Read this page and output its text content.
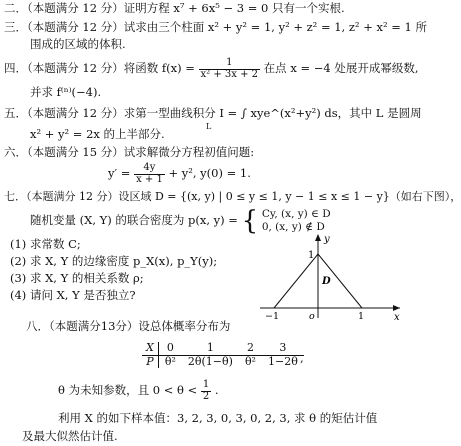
二．（本题满分 12 分）证明方程 x⁷ + 6x⁵ − 3 = 0 只有一个实根.
三．（本题满分 12 分）试求由三个柱面 x² + y² = 1, y² + z² = 1, z² + x² = 1 所
围成的区域的体积.
四．（本题满分 12 分）将函数 $f(x) = \frac{1}{\text{x² + 3x + 2}}$ 在点 x = −4 处展开成幂级数,
并求 f⁽ⁿ⁾(−4).
五．（本题满分 12 分）求第一型曲线积分 I = ∫ xye^(x²+y²) ds，其中 L 是圆周
L
x² + y² = 2x 的上半部分.
六．（本题满分 15 分）试求解微分方程初值问题:
$y' = \frac{4y}{x + 1} + y^2$, y(0) = 1.
七．（本题满分 12 分）设区域 D = {(x, y) | 0 ≤ y ≤ 1, y − 1 ≤ x ≤ 1 − y}（如右下图），
随机变量 (X, Y) 的联合密度为 p(x, y) = { Cy, (x, y) ∈ D
0, (x, y) ∉ D
(1) 求常数 C;
(2) 求 X, Y 的边缘密度 p_X(x), p_Y(y);
(3) 求 X, Y 的相关系数 ρ;
(4) 请问 X, Y 是否独立?
y
1
D
−1	o	1	x
八．（本题满分13分）设总体概率分布为
X	0	1	2	3
P	θ²	2θ(1−θ)	θ²	1−2θ ,
θ 为未知参数，且 $0 < \theta < \frac{1}{2}$ .
利用 X 的如下样本值：3, 2, 3, 0, 3, 0, 2, 3, 求 θ 的矩估计值
及最大似然估计值.
